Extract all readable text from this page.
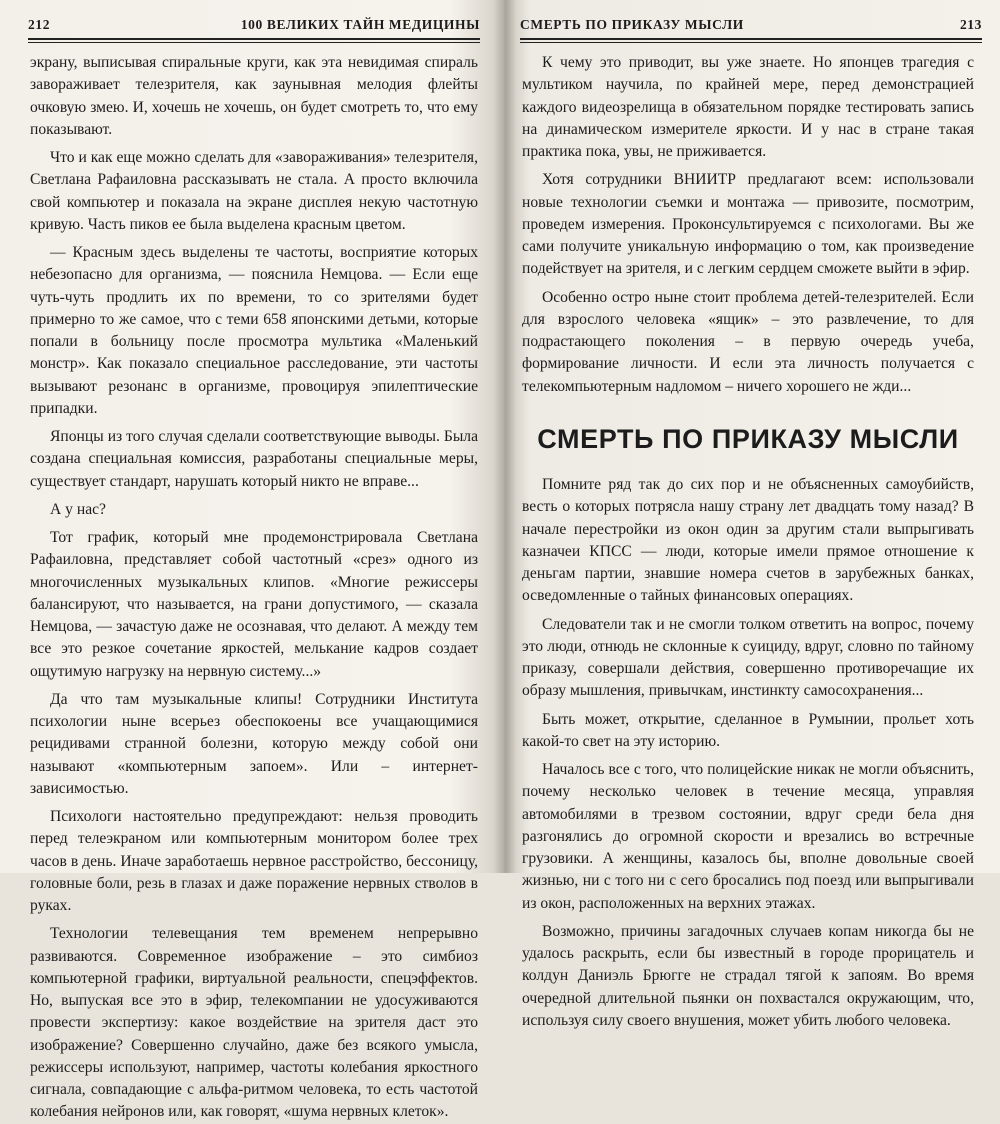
212	100 ВЕЛИКИХ ТАЙН МЕДИЦИНЫ

экрану, выписывая спиральные круги, как эта невидимая спираль завораживает телезрителя, как заунывная мелодия флейты очковую змею. И, хочешь не хочешь, он будет смотреть то, что ему показывают.

Что и как еще можно сделать для «завораживания» телезрителя, Светлана Рафаиловна рассказывать не стала. А просто включила свой компьютер и показала на экране дисплея некую частотную кривую. Часть пиков ее была выделена красным цветом.

— Красным здесь выделены те частоты, восприятие которых небезопасно для организма, — пояснила Немцова. — Если еще чуть-чуть продлить их по времени, то со зрителями будет примерно то же самое, что с теми 658 японскими детьми, которые попали в больницу после просмотра мультика «Маленький монстр». Как показало специальное расследование, эти частоты вызывают резонанс в организме, провоцируя эпилептические припадки.

Японцы из того случая сделали соответствующие выводы. Была создана специальная комиссия, разработаны специальные меры, существует стандарт, нарушать который никто не вправе...

А у нас?

Тот график, который мне продемонстрировала Светлана Рафаиловна, представляет собой частотный «срез» одного из многочисленных музыкальных клипов. «Многие режиссеры балансируют, что называется, на грани допустимого, — сказала Немцова, — зачастую даже не осознавая, что делают. А между тем все это резкое сочетание яркостей, мелькание кадров создает ощутимую нагрузку на нервную систему...»

Да что там музыкальные клипы! Сотрудники Института психологии ныне всерьез обеспокоены все учащающимися рецидивами странной болезни, которую между собой они называют «компьютерным запоем». Или – интернет-зависимостью.

Психологи настоятельно предупреждают: нельзя проводить перед телеэкраном или компьютерным монитором более трех часов в день. Иначе заработаешь нервное расстройство, бессоницу, головные боли, резь в глазах и даже поражение нервных стволов в руках.

Технологии телевещания тем временем непрерывно развиваются. Современное изображение – это симбиоз компьютерной графики, виртуальной реальности, спецэффектов. Но, выпуская все это в эфир, телекомпании не удосуживаются провести экспертизу: какое воздействие на зрителя даст это изображение? Совершенно случайно, даже без всякого умысла, режиссеры используют, например, частоты колебания яркостного сигнала, совпадающие с альфа-ритмом человека, то есть частотой колебания нейронов или, как говорят, «шума нервных клеток».

СМЕРТЬ ПО ПРИКАЗУ МЫСЛИ	213

К чему это приводит, вы уже знаете. Но японцев трагедия с мультиком научила, по крайней мере, перед демонстрацией каждого видеозрелища в обязательном порядке тестировать запись на динамическом измерителе яркости. И у нас в стране такая практика пока, увы, не приживается.

Хотя сотрудники ВНИИТР предлагают всем: использовали новые технологии съемки и монтажа — привозите, посмотрим, проведем измерения. Проконсультируемся с психологами. Вы же сами получите уникальную информацию о том, как произведение подействует на зрителя, и с легким сердцем сможете выйти в эфир.

Особенно остро ныне стоит проблема детей-телезрителей. Если для взрослого человека «ящик» – это развлечение, то для подрастающего поколения – в первую очередь учеба, формирование личности. И если эта личность получается с телекомпьютерным надломом – ничего хорошего не жди...

СМЕРТЬ ПО ПРИКАЗУ МЫСЛИ

Помните ряд так до сих пор и не объясненных самоубийств, весть о которых потрясла нашу страну лет двадцать тому назад? В начале перестройки из окон один за другим стали выпрыгивать казначеи КПСС — люди, которые имели прямое отношение к деньгам партии, знавшие номера счетов в зарубежных банках, осведомленные о тайных финансовых операциях.

Следователи так и не смогли толком ответить на вопрос, почему это люди, отнюдь не склонные к суициду, вдруг, словно по тайному приказу, совершали действия, совершенно противоречащие их образу мышления, привычкам, инстинкту самосохранения...

Быть может, открытие, сделанное в Румынии, прольет хоть какой-то свет на эту историю.

Началось все с того, что полицейские никак не могли объяснить, почему несколько человек в течение месяца, управляя автомобилями в трезвом состоянии, вдруг среди бела дня разгонялись до огромной скорости и врезались во встречные грузовики. А женщины, казалось бы, вполне довольные своей жизнью, ни с того ни с сего бросались под поезд или выпрыгивали из окон, расположенных на верхних этажах.

Возможно, причины загадочных случаев копам никогда бы не удалось раскрыть, если бы известный в городе прорицатель и колдун Даниэль Брюгге не страдал тягой к запоям. Во время очередной длительной пьянки он похвастался окружающим, что, используя силу своего внушения, может убить любого человека.
